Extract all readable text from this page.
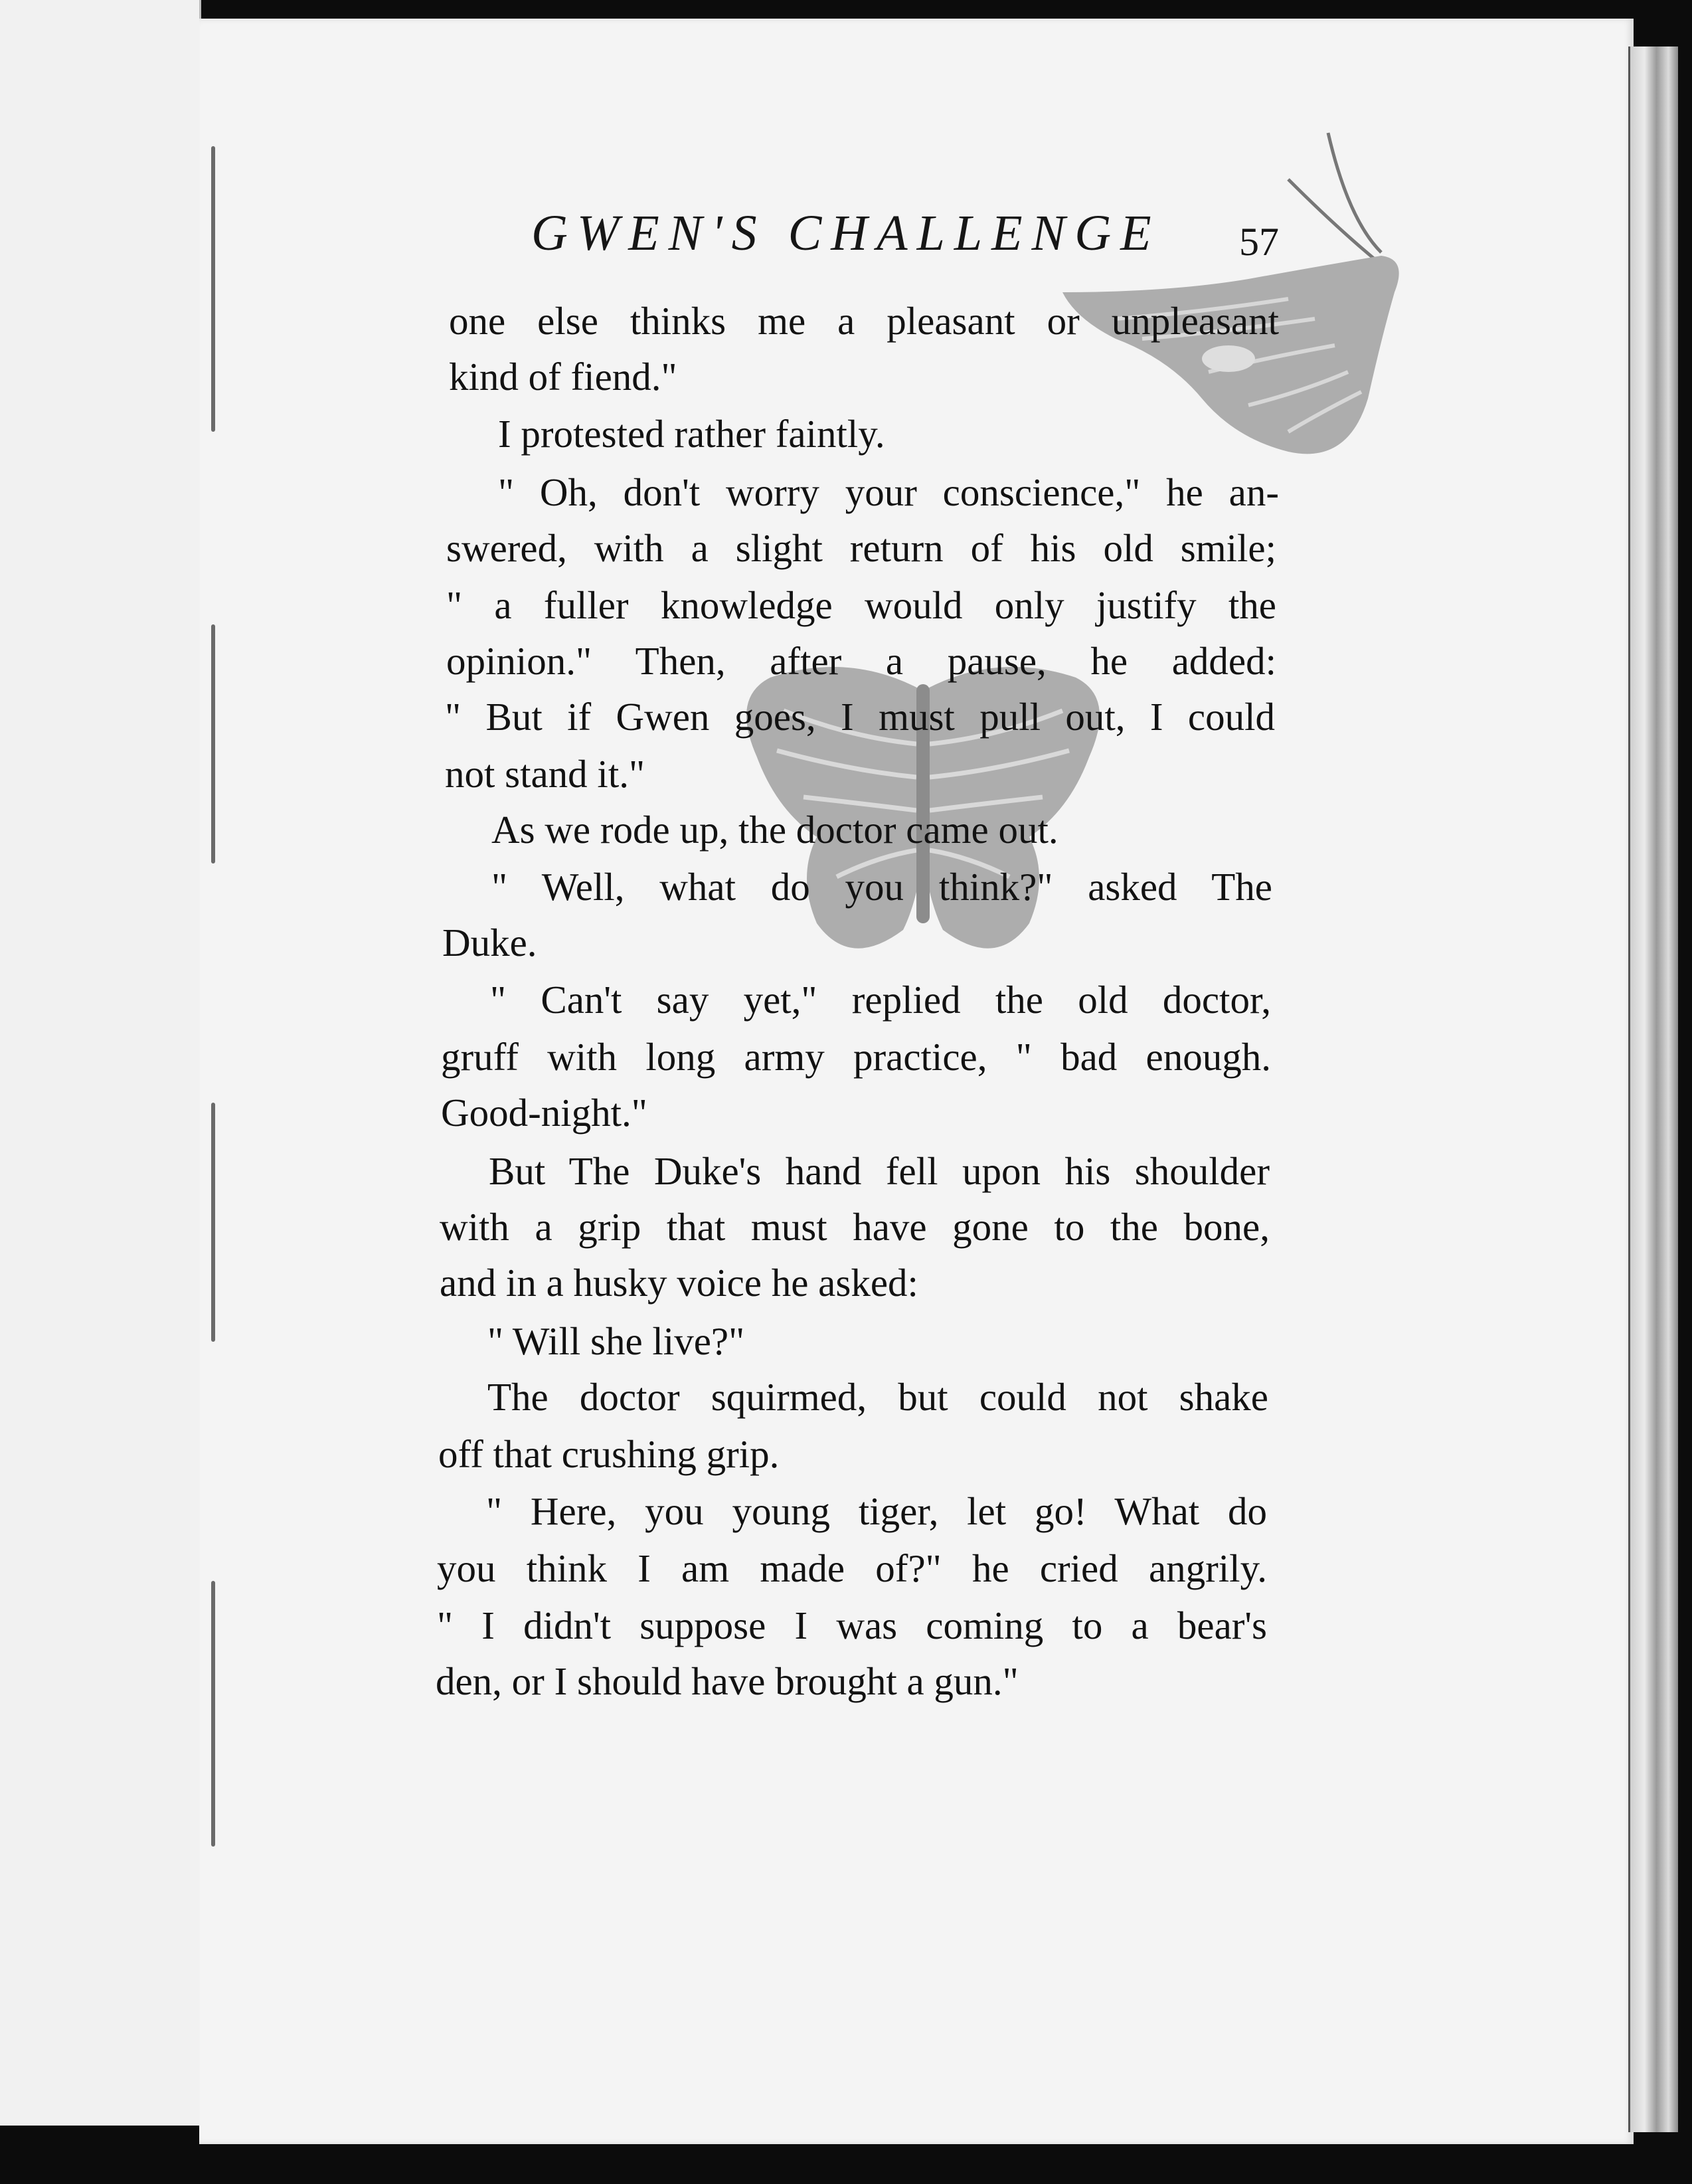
GWEN'S CHALLENGE	57
one else thinks me a pleasant or unpleasant
kind of fiend."
I protested rather faintly.
" Oh, don't worry your conscience," he an-
swered, with a slight return of his old smile;
" a fuller knowledge would only justify the
opinion." Then, after a pause, he added:
" But if Gwen goes, I must pull out, I could
not stand it."
As we rode up, the doctor came out.
" Well, what do you think?" asked The
Duke.
" Can't say yet," replied the old doctor,
gruff with long army practice, " bad enough.
Good-night."
But The Duke's hand fell upon his shoulder
with a grip that must have gone to the bone,
and in a husky voice he asked:
" Will she live?"
The doctor squirmed, but could not shake
off that crushing grip.
" Here, you young tiger, let go! What do
you think I am made of?" he cried angrily.
" I didn't suppose I was coming to a bear's
den, or I should have brought a gun."
